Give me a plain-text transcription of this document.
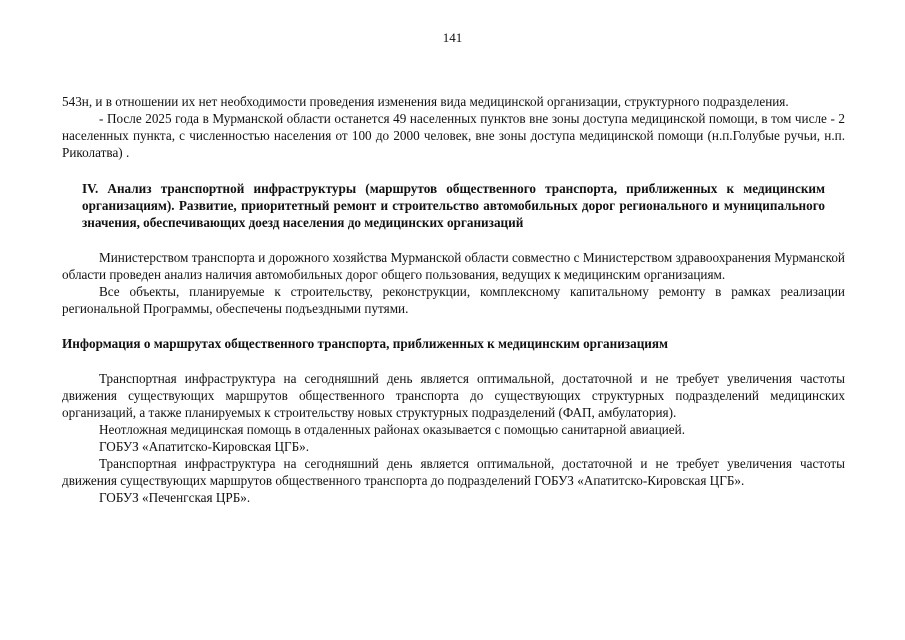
141

543н, и в отношении их нет необходимости проведения изменения вида медицинской организации, структурного подразделения.

- После 2025 года в Мурманской области останется 49 населенных пунктов вне зоны доступа медицинской помощи, в том числе - 2 населенных пункта, с численностью населения от 100 до 2000 человек, вне зоны доступа медицинской помощи (н.п.Голубые ручьи, н.п. Риколатва) .

IV. Анализ транспортной инфраструктуры (маршрутов общественного транспорта, приближенных к медицинским организациям). Развитие, приоритетный ремонт и строительство автомобильных дорог регионального и муниципального значения, обеспечивающих доезд населения до медицинских организаций

Министерством транспорта и дорожного хозяйства Мурманской области совместно с Министерством здравоохранения Мурманской области проведен анализ наличия автомобильных дорог общего пользования, ведущих к медицинским организациям.

Все объекты, планируемые к строительству, реконструкции, комплексному капитальному ремонту в рамках реализации региональной Программы, обеспечены подъездными путями.

Информация о маршрутах общественного транспорта, приближенных к медицинским организациям

Транспортная инфраструктура на сегодняшний день является оптимальной, достаточной и не требует увеличения частоты движения существующих маршрутов общественного транспорта до существующих структурных подразделений медицинских организаций, а также планируемых к строительству новых структурных подразделений (ФАП, амбулатория).

Неотложная медицинская помощь в отдаленных районах оказывается с помощью санитарной авиацией.

ГОБУЗ «Апатитско-Кировская ЦГБ».

Транспортная инфраструктура на сегодняшний день является оптимальной, достаточной и не требует увеличения частоты движения существующих маршрутов общественного транспорта до подразделений ГОБУЗ «Апатитско-Кировская ЦГБ».

ГОБУЗ «Печенгская ЦРБ».
